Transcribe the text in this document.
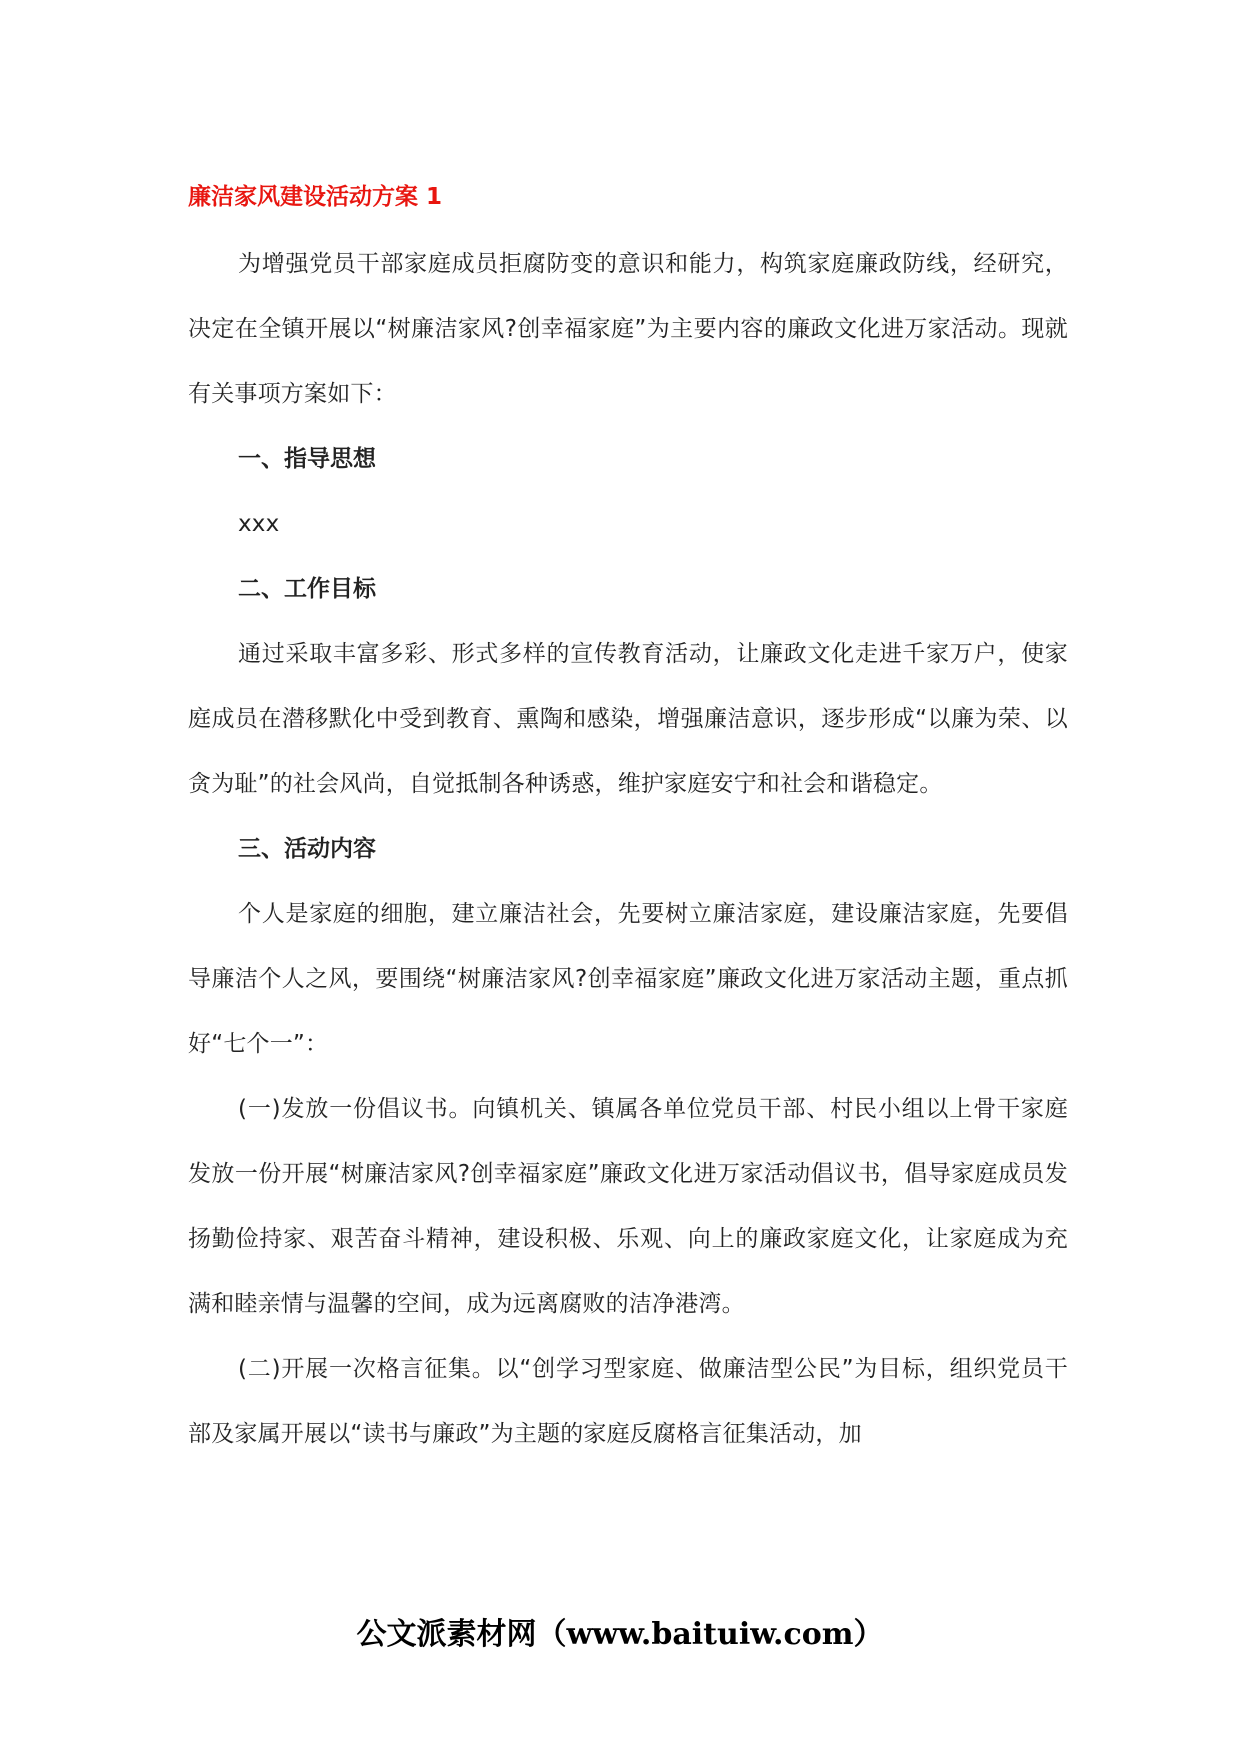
廉洁家风建设活动方案 1

为增强党员干部家庭成员拒腐防变的意识和能力，构筑家庭廉政防线，经研究，决定在全镇开展以“树廉洁家风?创幸福家庭”为主要内容的廉政文化进万家活动。现就有关事项方案如下：

一、指导思想

xxx

二、工作目标

通过采取丰富多彩、形式多样的宣传教育活动，让廉政文化走进千家万户，使家庭成员在潜移默化中受到教育、熏陶和感染，增强廉洁意识，逐步形成“以廉为荣、以贪为耻”的社会风尚，自觉抵制各种诱惑，维护家庭安宁和社会和谐稳定。

三、活动内容

个人是家庭的细胞，建立廉洁社会，先要树立廉洁家庭，建设廉洁家庭，先要倡导廉洁个人之风，要围绕“树廉洁家风?创幸福家庭”廉政文化进万家活动主题，重点抓好“七个一”：

(一)发放一份倡议书。向镇机关、镇属各单位党员干部、村民小组以上骨干家庭发放一份开展“树廉洁家风?创幸福家庭”廉政文化进万家活动倡议书，倡导家庭成员发扬勤俭持家、艰苦奋斗精神，建设积极、乐观、向上的廉政家庭文化，让家庭成为充满和睦亲情与温馨的空间，成为远离腐败的洁净港湾。

(二)开展一次格言征集。以“创学习型家庭、做廉洁型公民”为目标，组织党员干部及家属开展以“读书与廉政”为主题的家庭反腐格言征集活动，加

公文派素材网（www.baituiw.com）
